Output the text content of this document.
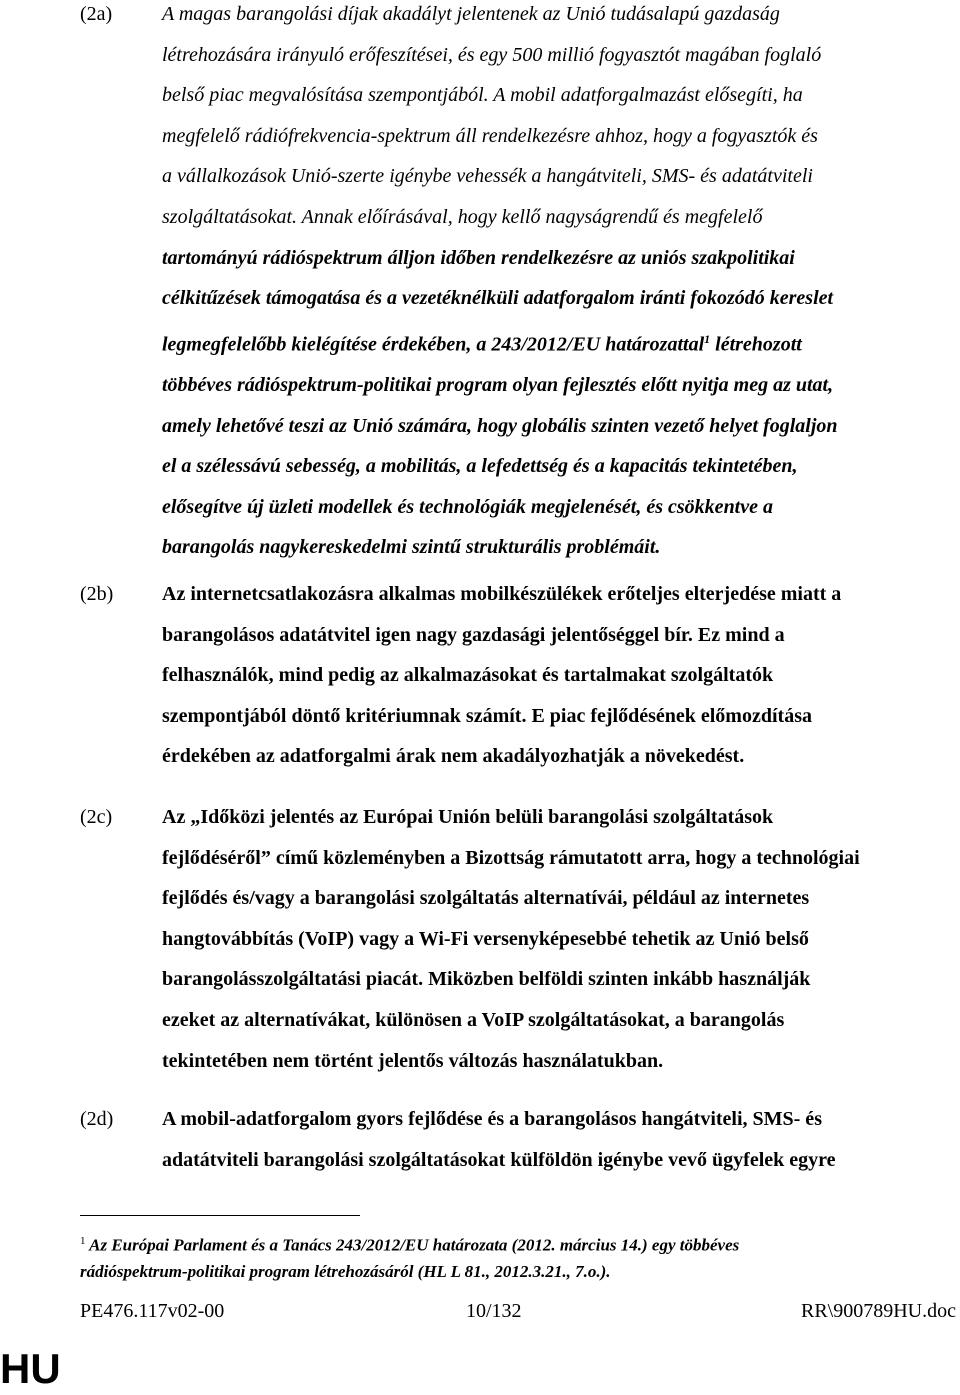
(2a) A magas barangolási díjak akadályt jelentenek az Unió tudásalapú gazdaság
létrehozására irányuló erőfeszítései, és egy 500 millió fogyasztót magában foglaló
belső piac megvalósítása szempontjából. A mobil adatforgalmazást elősegíti, ha
megfelelő rádiófrekvencia-spektrum áll rendelkezésre ahhoz, hogy a fogyasztók és
a vállalkozások Unió-szerte igénybe vehessék a hangátviteli, SMS- és adatátviteli
szolgáltatásokat. Annak előírásával, hogy kellő nagyságrendű és megfelelő
tartományú rádióspektrum álljon időben rendelkezésre az uniós szakpolitikai
célkitűzések támogatása és a vezetéknélküli adatforgalom iránti fokozódó kereslet
legmegfelelőbb kielégítése érdekében, a 243/2012/EU határozattal$^1$ létrehozott
többéves rádióspektrum-politikai program olyan fejlesztés előtt nyitja meg az utat,
amely lehetővé teszi az Unió számára, hogy globális szinten vezető helyet foglaljon
el a szélessávú sebesség, a mobilitás, a lefedettség és a kapacitás tekintetében,
elősegítve új üzleti modellek és technológiák megjelenését, és csökkentve a
barangolás nagykereskedelmi szintű strukturális problémáit.
(2b) Az internetcsatlakozásra alkalmas mobilkészülékek erőteljes elterjedése miatt a
barangolásos adatátvitel igen nagy gazdasági jelentőséggel bír. Ez mind a
felhasználók, mind pedig az alkalmazásokat és tartalmakat szolgáltatók
szempontjából döntő kritériumnak számít. E piac fejlődésének előmozdítása
érdekében az adatforgalmi árak nem akadályozhatják a növekedést.
(2c) Az „Időközi jelentés az Európai Unión belüli barangolási szolgáltatások
fejlődéséről” című közleményben a Bizottság rámutatott arra, hogy a technológiai
fejlődés és/vagy a barangolási szolgáltatás alternatívái, például az internetes
hangtovábbítás (VoIP) vagy a Wi-Fi versenyképesebbé tehetik az Unió belső
barangolásszolgáltatási piacát. Miközben belföldi szinten inkább használják
ezeket az alternatívákat, különösen a VoIP szolgáltatásokat, a barangolás
tekintetében nem történt jelentős változás használatukban.
(2d) A mobil-adatforgalom gyors fejlődése és a barangolásos hangátviteli, SMS- és
adatátviteli barangolási szolgáltatásokat külföldön igénybe vevő ügyfelek egyre
$^1$ Az Európai Parlament és a Tanács 243/2012/EU határozata (2012. március 14.) egy többéves
rádióspektrum-politikai program létrehozásáról (HL L 81., 2012.3.21., 7.o.).
PE476.117v02-00	10/132	RR\900789HU.doc
HU
